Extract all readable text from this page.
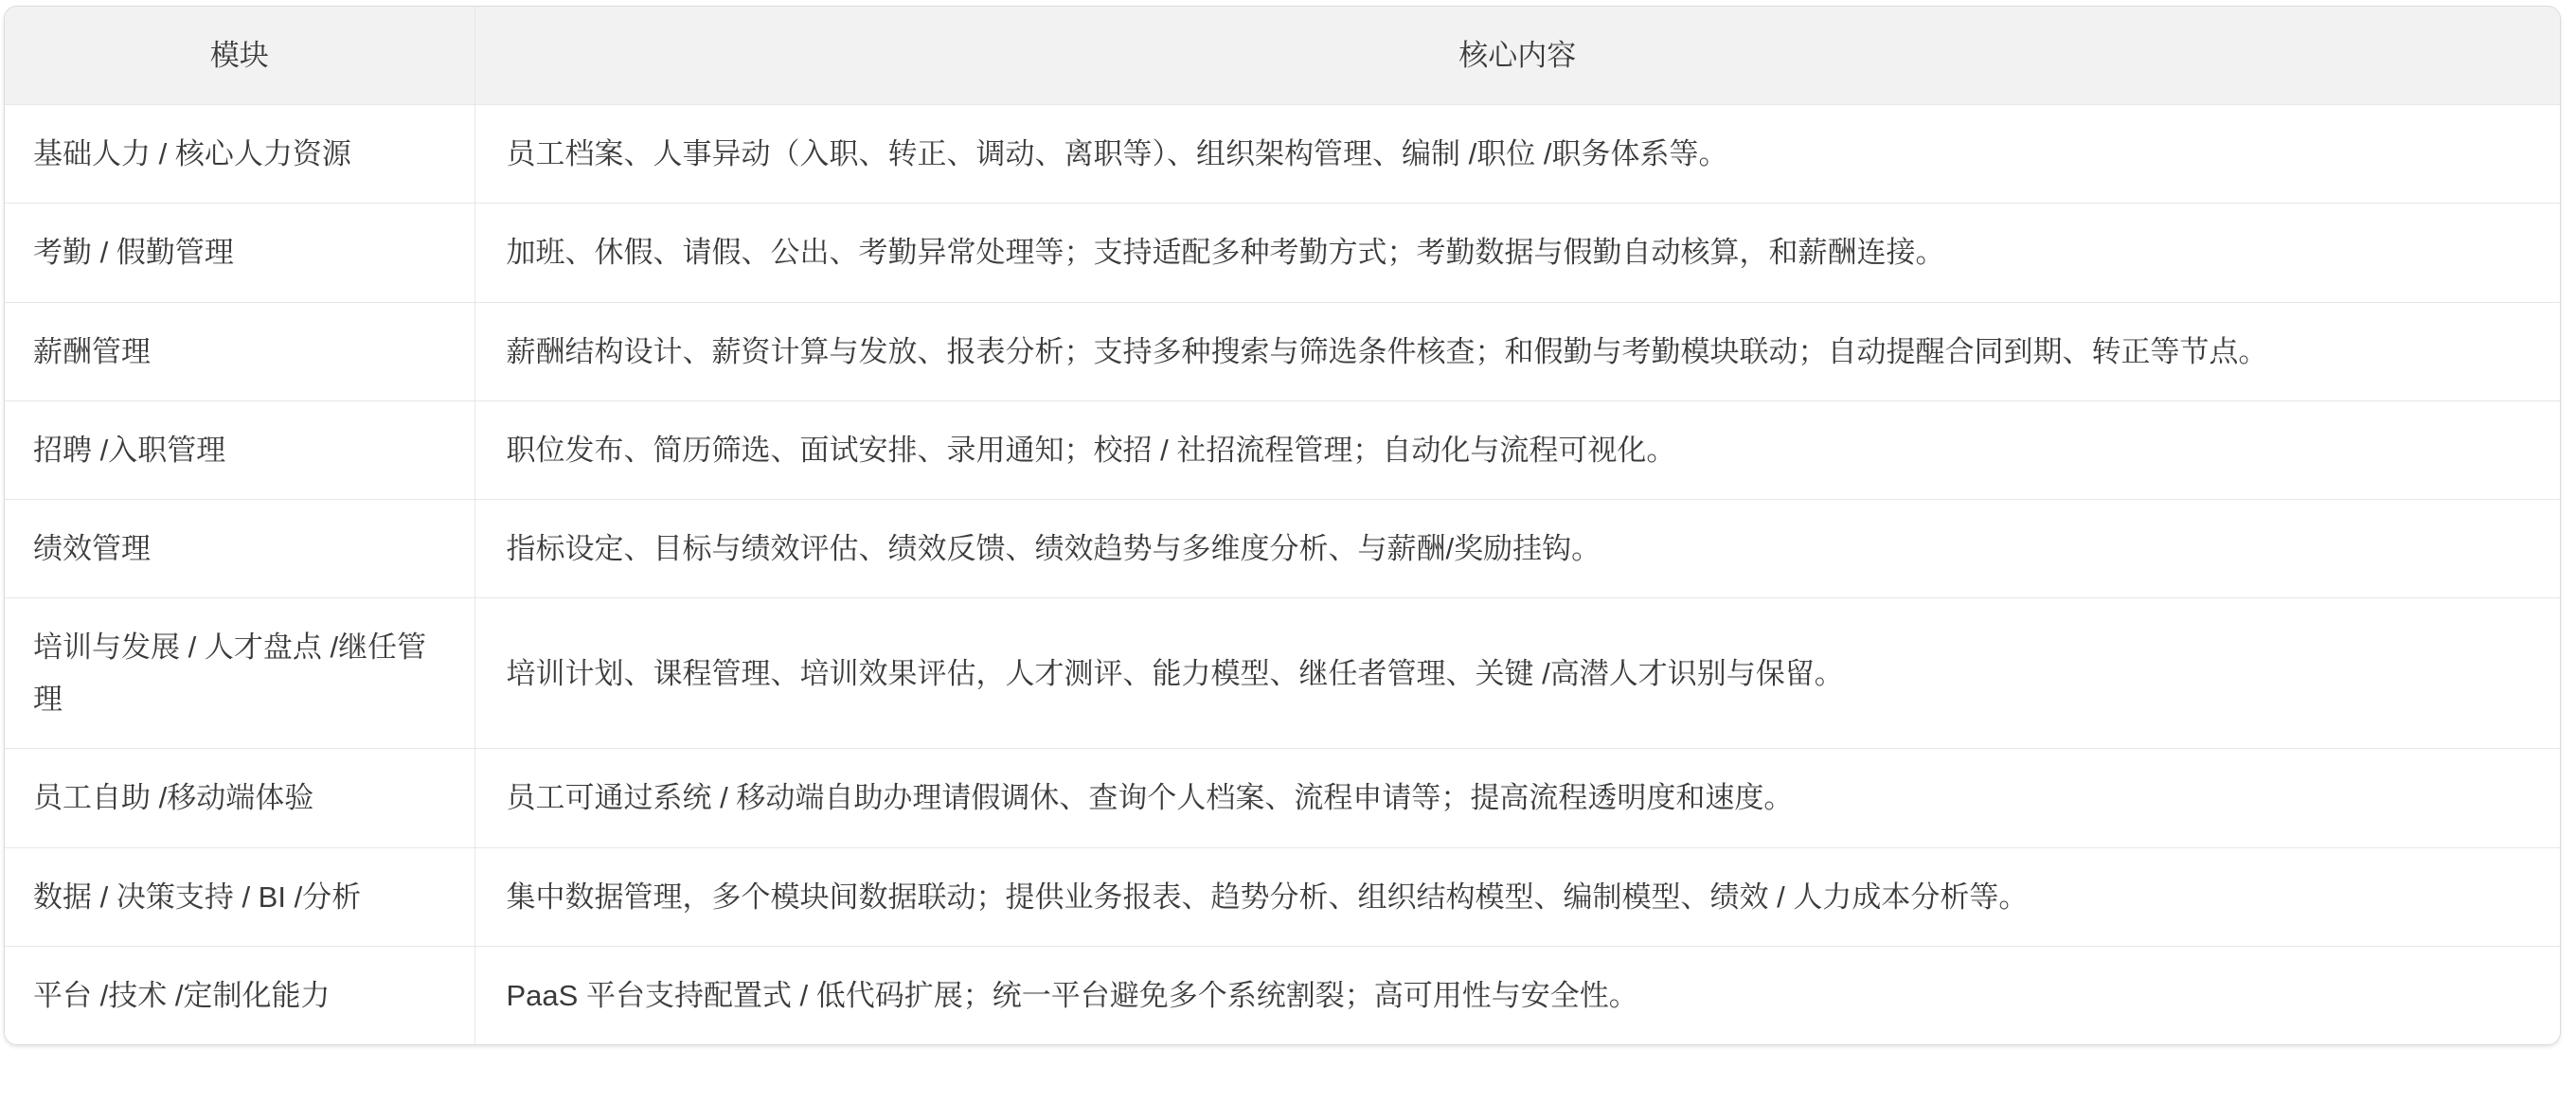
模块	核心内容
基础人力 / 核心人力资源	员工档案、人事异动（入职、转正、调动、离职等）、组织架构管理、编制 /职位 /职务体系等。
考勤 / 假勤管理	加班、休假、请假、公出、考勤异常处理等；支持适配多种考勤方式；考勤数据与假勤自动核算，和薪酬连接。
薪酬管理	薪酬结构设计、薪资计算与发放、报表分析；支持多种搜索与筛选条件核查；和假勤与考勤模块联动；自动提醒合同到期、转正等节点。
招聘 /入职管理	职位发布、简历筛选、面试安排、录用通知；校招 / 社招流程管理；自动化与流程可视化。
绩效管理	指标设定、目标与绩效评估、绩效反馈、绩效趋势与多维度分析、与薪酬/奖励挂钩。
培训与发展 / 人才盘点 /继任管理	培训计划、课程管理、培训效果评估，人才测评、能力模型、继任者管理、关键 /高潜人才识别与保留。
员工自助 /移动端体验	员工可通过系统 / 移动端自助办理请假调休、查询个人档案、流程申请等；提高流程透明度和速度。
数据 / 决策支持 / BI /分析	集中数据管理，多个模块间数据联动；提供业务报表、趋势分析、组织结构模型、编制模型、绩效 / 人力成本分析等。
平台 /技术 /定制化能力	PaaS 平台支持配置式 / 低代码扩展；统一平台避免多个系统割裂；高可用性与安全性。
